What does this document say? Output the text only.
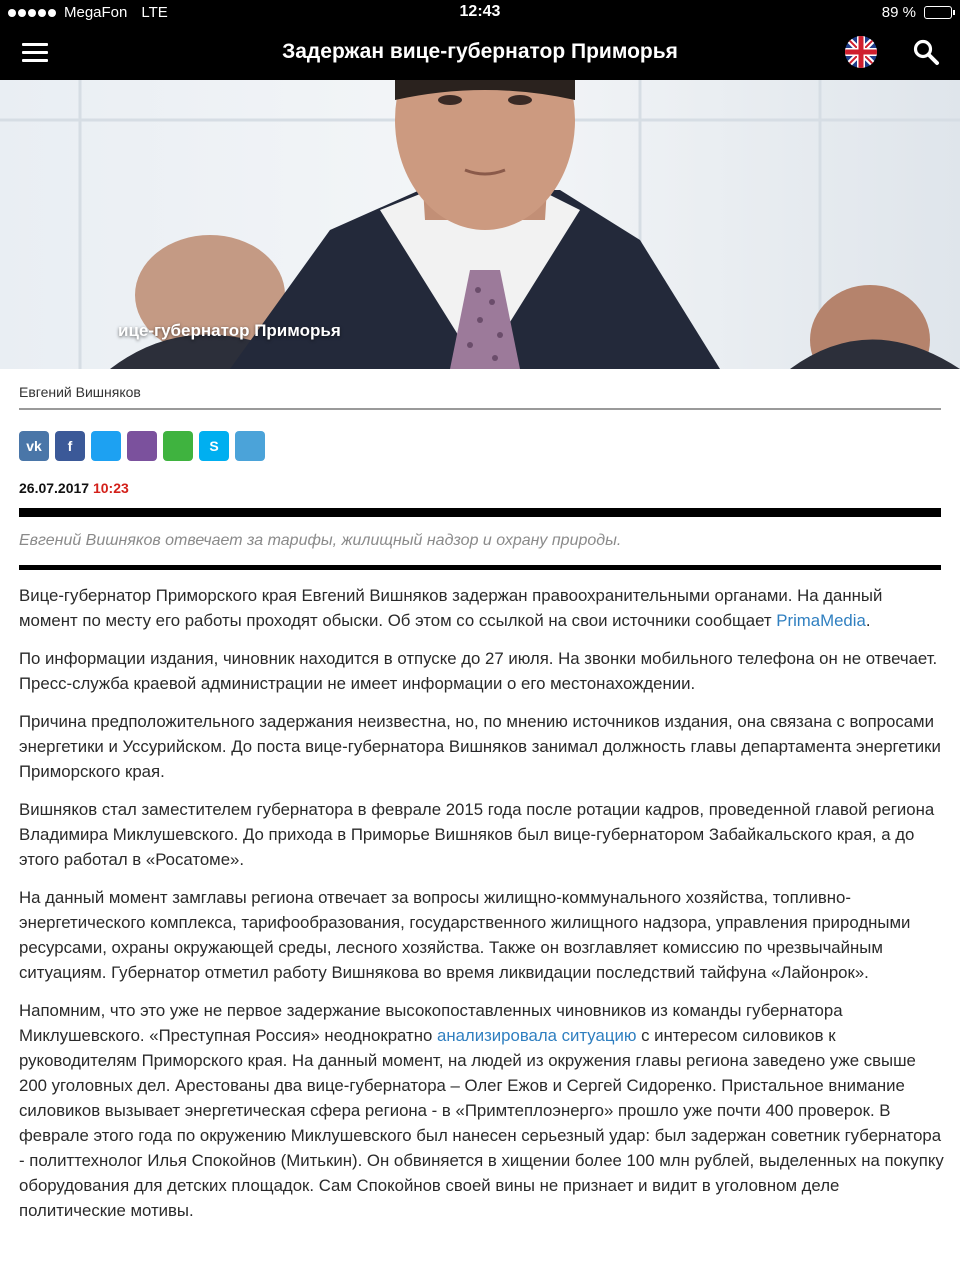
MegaFon LTE	12:43	89 %
Задержан вице-губернатор Приморья
ице-губернатор Приморья
Евгений Вишняков
vk f	S
26.07.2017 10:23
Евгений Вишняков отвечает за тарифы, жилищный надзор и охрану природы.

Вице-губернатор Приморского края Евгений Вишняков задержан правоохранительными органами. На данный момент по месту его работы проходят обыски. Об этом со ссылкой на свои источники сообщает PrimaMedia.

По информации издания, чиновник находится в отпуске до 27 июля. На звонки мобильного телефона он не отвечает. Пресс-служба краевой администрации не имеет информации о его местонахождении.

Причина предположительного задержания неизвестна, но, по мнению источников издания, она связана с вопросами энергетики и Уссурийском. До поста вице-губернатора Вишняков занимал должность главы департамента энергетики Приморского края.

Вишняков стал заместителем губернатора в феврале 2015 года после ротации кадров, проведенной главой региона Владимира Миклушевского. До прихода в Приморье Вишняков был вице-губернатором Забайкальского края, а до этого работал в «Росатоме».

На данный момент замглавы региона отвечает за вопросы жилищно-коммунального хозяйства, топливно-энергетического комплекса, тарифообразования, государственного жилищного надзора, управления природными ресурсами, охраны окружающей среды, лесного хозяйства. Также он возглавляет комиссию по чрезвычайным ситуациям. Губернатор отметил работу Вишнякова во время ликвидации последствий тайфуна «Лайонрок».

Напомним, что это уже не первое задержание высокопоставленных чиновников из команды губернатора Миклушевского. «Преступная Россия» неоднократно анализировала ситуацию с интересом силовиков к руководителям Приморского края. На данный момент, на людей из окружения главы региона заведено уже свыше 200 уголовных дел. Арестованы два вице-губернатора – Олег Ежов и Сергей Сидоренко. Пристальное внимание силовиков вызывает энергетическая сфера региона - в «Примтеплоэнерго» прошло уже почти 400 проверок. В феврале этого года по окружению Миклушевского был нанесен серьезный удар: был задержан советник губернатора - политтехнолог Илья Спокойнов (Митькин). Он обвиняется в хищении более 100 млн рублей, выделенных на покупку оборудования для детских площадок. Сам Спокойнов своей вины не признает и видит в уголовном деле политические мотивы.
